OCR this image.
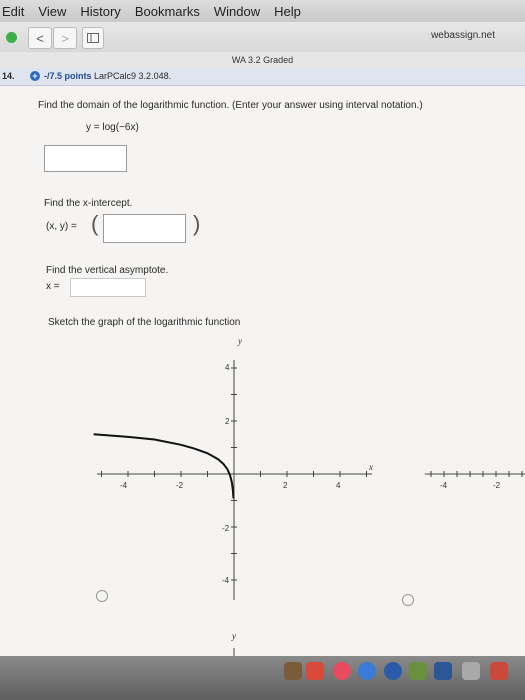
Edit View History Bookmarks Window Help
< >	webassign.net
WA 3.2 Graded
14. + -/7.5 points LarPCalc9 3.2.048.
Find the domain of the logarithmic function. (Enter your answer using interval notation.)
y = log(−6x)
Find the x-intercept.
(x, y) = (	)
Find the vertical asymptote.
x =
Sketch the graph of the logarithmic function
y
x
-4	-2	2	4
4
2
-2
-4
-4	-2
y
